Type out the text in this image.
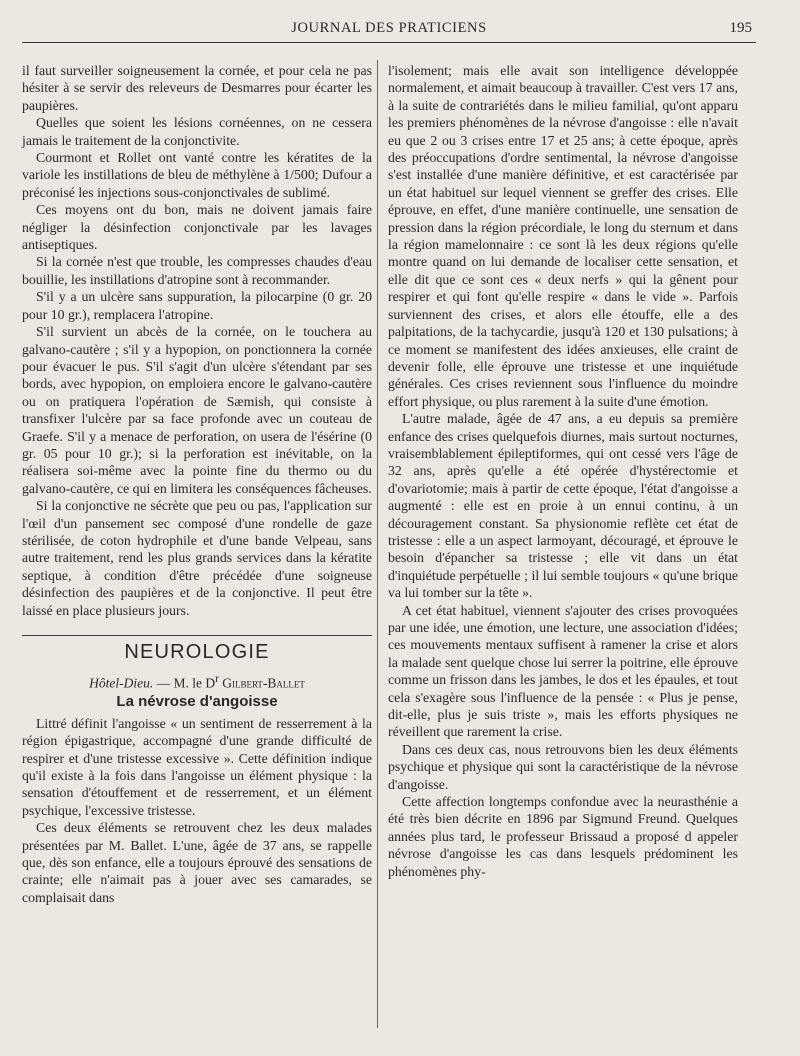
JOURNAL DES PRATICIENS	195

il faut surveiller soigneusement la cornée, et pour cela ne pas hésiter à se servir des releveurs de Desmarres pour écarter les paupières.

Quelles que soient les lésions cornéennes, on ne cessera jamais le traitement de la conjonctivite.

Courmont et Rollet ont vanté contre les kératites de la variole les instillations de bleu de méthylène à 1/500; Dufour a préconisé les injections sous-conjonctivales de sublimé.

Ces moyens ont du bon, mais ne doivent jamais faire négliger la désinfection conjonctivale par les lavages antiseptiques.

Si la cornée n'est que trouble, les compresses chaudes d'eau bouillie, les instillations d'atropine sont à recommander.

S'il y a un ulcère sans suppuration, la pilocarpine (0 gr. 20 pour 10 gr.), remplacera l'atropine.

S'il survient un abcès de la cornée, on le touchera au galvano-cautère ; s'il y a hypopion, on ponctionnera la cornée pour évacuer le pus. S'il s'agit d'un ulcère s'étendant par ses bords, avec hypopion, on emploiera encore le galvano-cautère ou on pratiquera l'opération de Sæmish, qui consiste à transfixer l'ulcère par sa face profonde avec un couteau de Graefe. S'il y a menace de perforation, on usera de l'ésérine (0 gr. 05 pour 10 gr.); si la perforation est inévitable, on la réalisera soi-même avec la pointe fine du thermo ou du galvano-cautère, ce qui en limitera les conséquences fâcheuses.

Si la conjonctive ne sécrète que peu ou pas, l'application sur l'œil d'un pansement sec composé d'une rondelle de gaze stérilisée, de coton hydrophile et d'une bande Velpeau, sans autre traitement, rend les plus grands services dans la kératite septique, à condition d'être précédée d'une soigneuse désinfection des paupières et de la conjonctive. Il peut être laissé en place plusieurs jours.

NEUROLOGIE
Hôtel-Dieu. — M. le $D^r$ Gilbert-Ballet
La névrose d'angoisse

Littré définit l'angoisse « un sentiment de resserrement à la région épigastrique, accompagné d'une grande difficulté de respirer et d'une tristesse excessive ». Cette définition indique qu'il existe à la fois dans l'angoisse un élément physique : la sensation d'étouffement et de resserrement, et un élément psychique, l'excessive tristesse.

Ces deux éléments se retrouvent chez les deux malades présentées par M. Ballet. L'une, âgée de 37 ans, se rappelle que, dès son enfance, elle a toujours éprouvé des sensations de crainte; elle n'aimait pas à jouer avec ses camarades, se complaisait dans

l'isolement; mais elle avait son intelligence développée normalement, et aimait beaucoup à travailler. C'est vers 17 ans, à la suite de contrariétés dans le milieu familial, qu'ont apparu les premiers phénomènes de la névrose d'angoisse : elle n'avait eu que 2 ou 3 crises entre 17 et 25 ans; à cette époque, après des préoccupations d'ordre sentimental, la névrose d'angoisse s'est installée d'une manière définitive, et est caractérisée par un état habituel sur lequel viennent se greffer des crises. Elle éprouve, en effet, d'une manière continuelle, une sensation de pression dans la région précordiale, le long du sternum et dans la région mamelonnaire : ce sont là les deux régions qu'elle montre quand on lui demande de localiser cette sensation, et elle dit que ce sont ces « deux nerfs » qui la gênent pour respirer et qui font qu'elle respire « dans le vide ». Parfois surviennent des crises, et alors elle étouffe, elle a des palpitations, de la tachycardie, jusqu'à 120 et 130 pulsations; à ce moment se manifestent des idées anxieuses, elle craint de devenir folle, elle éprouve une tristesse et une inquiétude générales. Ces crises reviennent sous l'influence du moindre effort physique, ou plus rarement à la suite d'une émotion.

L'autre malade, âgée de 47 ans, a eu depuis sa première enfance des crises quelquefois diurnes, mais surtout nocturnes, vraisemblablement épileptiformes, qui ont cessé vers l'âge de 32 ans, après qu'elle a été opérée d'hystérectomie et d'ovariotomie; mais à partir de cette époque, l'état d'angoisse a augmenté : elle est en proie à un ennui continu, à un découragement constant. Sa physionomie reflète cet état de tristesse : elle a un aspect larmoyant, découragé, et éprouve le besoin d'épancher sa tristesse ; elle vit dans un état d'inquiétude perpétuelle ; il lui semble toujours « qu'une brique va lui tomber sur la tête ».

A cet état habituel, viennent s'ajouter des crises provoquées par une idée, une émotion, une lecture, une association d'idées; ces mouvements mentaux suffisent à ramener la crise et alors la malade sent quelque chose lui serrer la poitrine, elle éprouve comme un frisson dans les jambes, le dos et les épaules, et tout cela s'exagère sous l'influence de la pensée : « Plus je pense, dit-elle, plus je suis triste », mais les efforts physiques ne réveillent que rarement la crise.

Dans ces deux cas, nous retrouvons bien les deux éléments psychique et physique qui sont la caractéristique de la névrose d'angoisse.

Cette affection longtemps confondue avec la neurasthénie a été très bien décrite en 1896 par Sigmund Freund. Quelques années plus tard, le professeur Brissaud a proposé d appeler névrose d'angoisse les cas dans lesquels prédominent les phénomènes phy-
